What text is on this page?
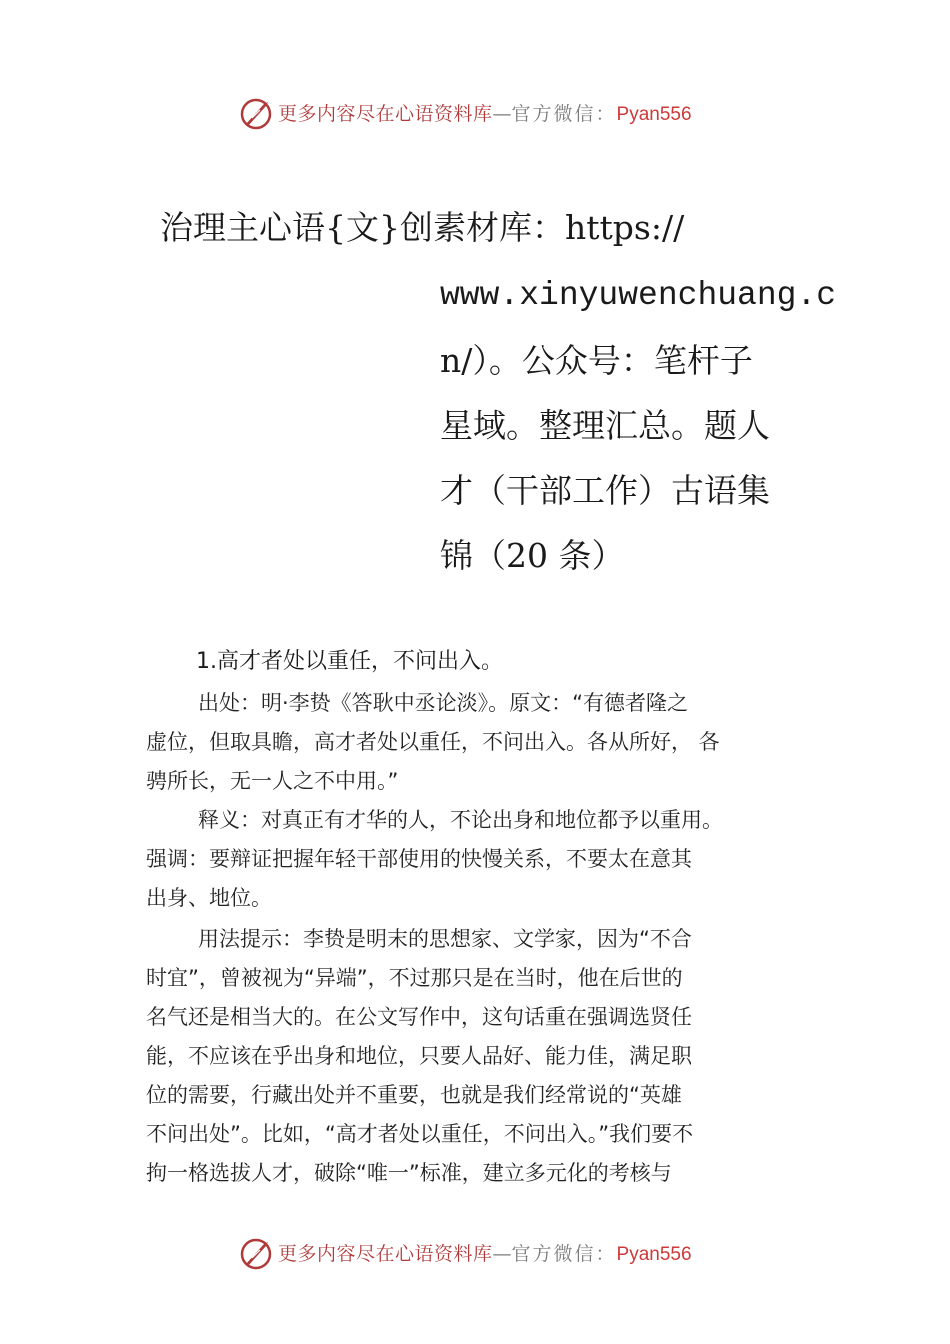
更多内容尽在心语资料库—官方微信：Pyan556
治理主心语{文}创素材库：https://
www.xinyuwenchuang.c
n/）。公众号：笔杆子
星域。整理汇总。题人
才（干部工作）古语集
锦（20 条）
1.高才者处以重任，不问出入。
出处：明·李贽《答耿中丞论淡》。原文：“有德者隆之
虚位，但取具瞻，高才者处以重任，不问出入。各从所好， 各
骋所长，无一人之不中用。”
释义：对真正有才华的人，不论出身和地位都予以重用。
强调：要辩证把握年轻干部使用的快慢关系，不要太在意其
出身、地位。
用法提示：李贽是明末的思想家、文学家，因为“不合
时宜”，曾被视为“异端”，不过那只是在当时，他在后世的
名气还是相当大的。在公文写作中，这句话重在强调选贤任
能，不应该在乎出身和地位，只要人品好、能力佳，满足职
位的需要，行藏出处并不重要，也就是我们经常说的“英雄
不问出处”。比如，“高才者处以重任，不问出入。”我们要不
拘一格选拔人才，破除“唯一”标准，建立多元化的考核与
更多内容尽在心语资料库—官方微信：Pyan556
